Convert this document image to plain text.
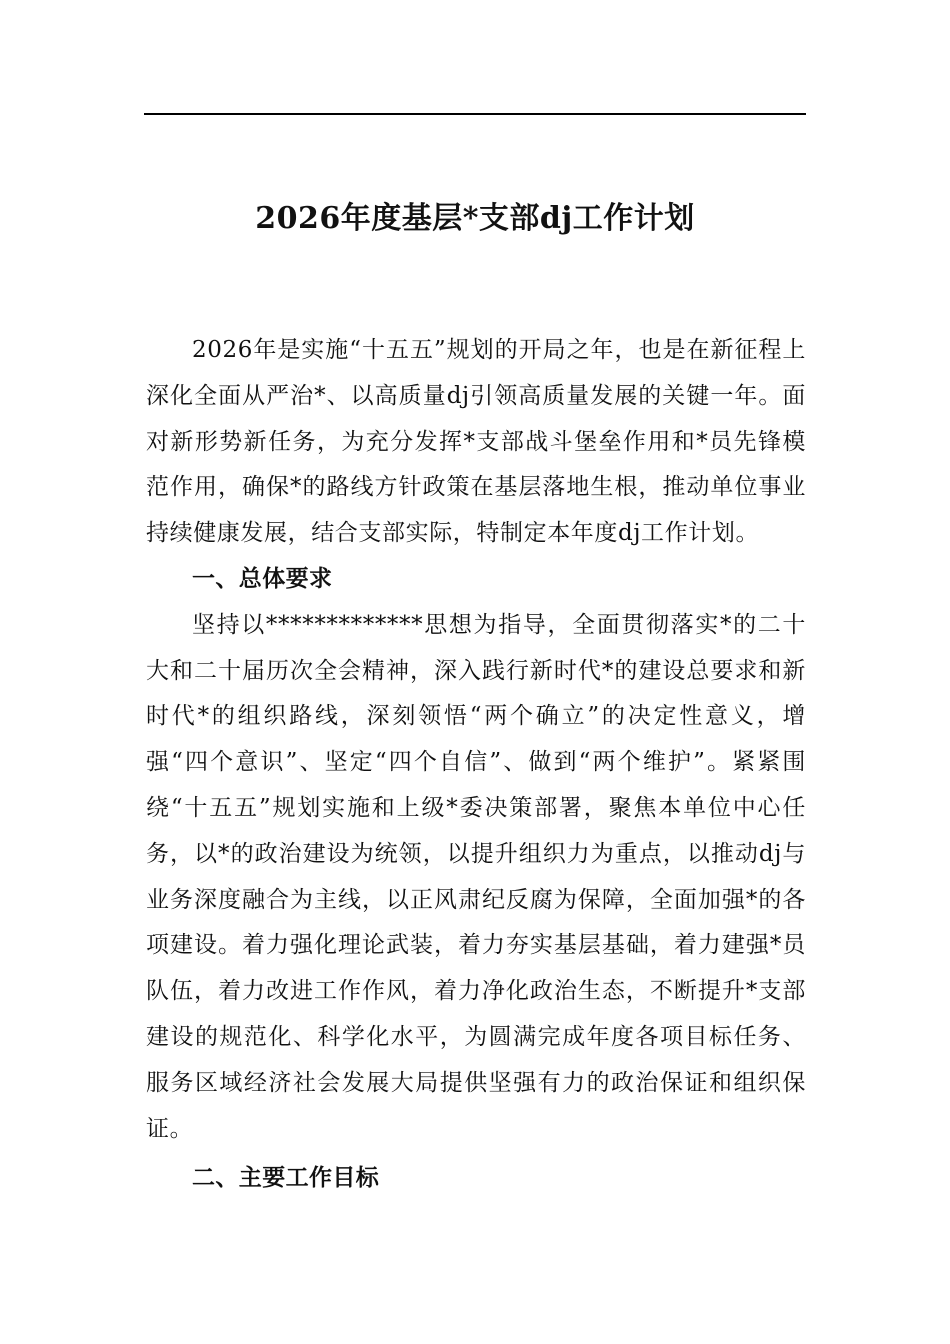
2026年度基层*支部dj工作计划

2026年是实施“十五五”规划的开局之年，也是在新征程上深化全面从严治*、以高质量dj引领高质量发展的关键一年。面对新形势新任务，为充分发挥*支部战斗堡垒作用和*员先锋模范作用，确保*的路线方针政策在基层落地生根，推动单位事业持续健康发展，结合支部实际，特制定本年度dj工作计划。

一、总体要求

坚持以*************思想为指导，全面贯彻落实*的二十大和二十届历次全会精神，深入践行新时代*的建设总要求和新时代*的组织路线，深刻领悟“两个确立”的决定性意义，增强“四个意识”、坚定“四个自信”、做到“两个维护”。紧紧围绕“十五五”规划实施和上级*委决策部署，聚焦本单位中心任务，以*的政治建设为统领，以提升组织力为重点，以推动dj与业务深度融合为主线，以正风肃纪反腐为保障，全面加强*的各项建设。着力强化理论武装，着力夯实基层基础，着力建强*员队伍，着力改进工作作风，着力净化政治生态，不断提升*支部建设的规范化、科学化水平，为圆满完成年度各项目标任务、服务区域经济社会发展大局提供坚强有力的政治保证和组织保证。

二、主要工作目标
